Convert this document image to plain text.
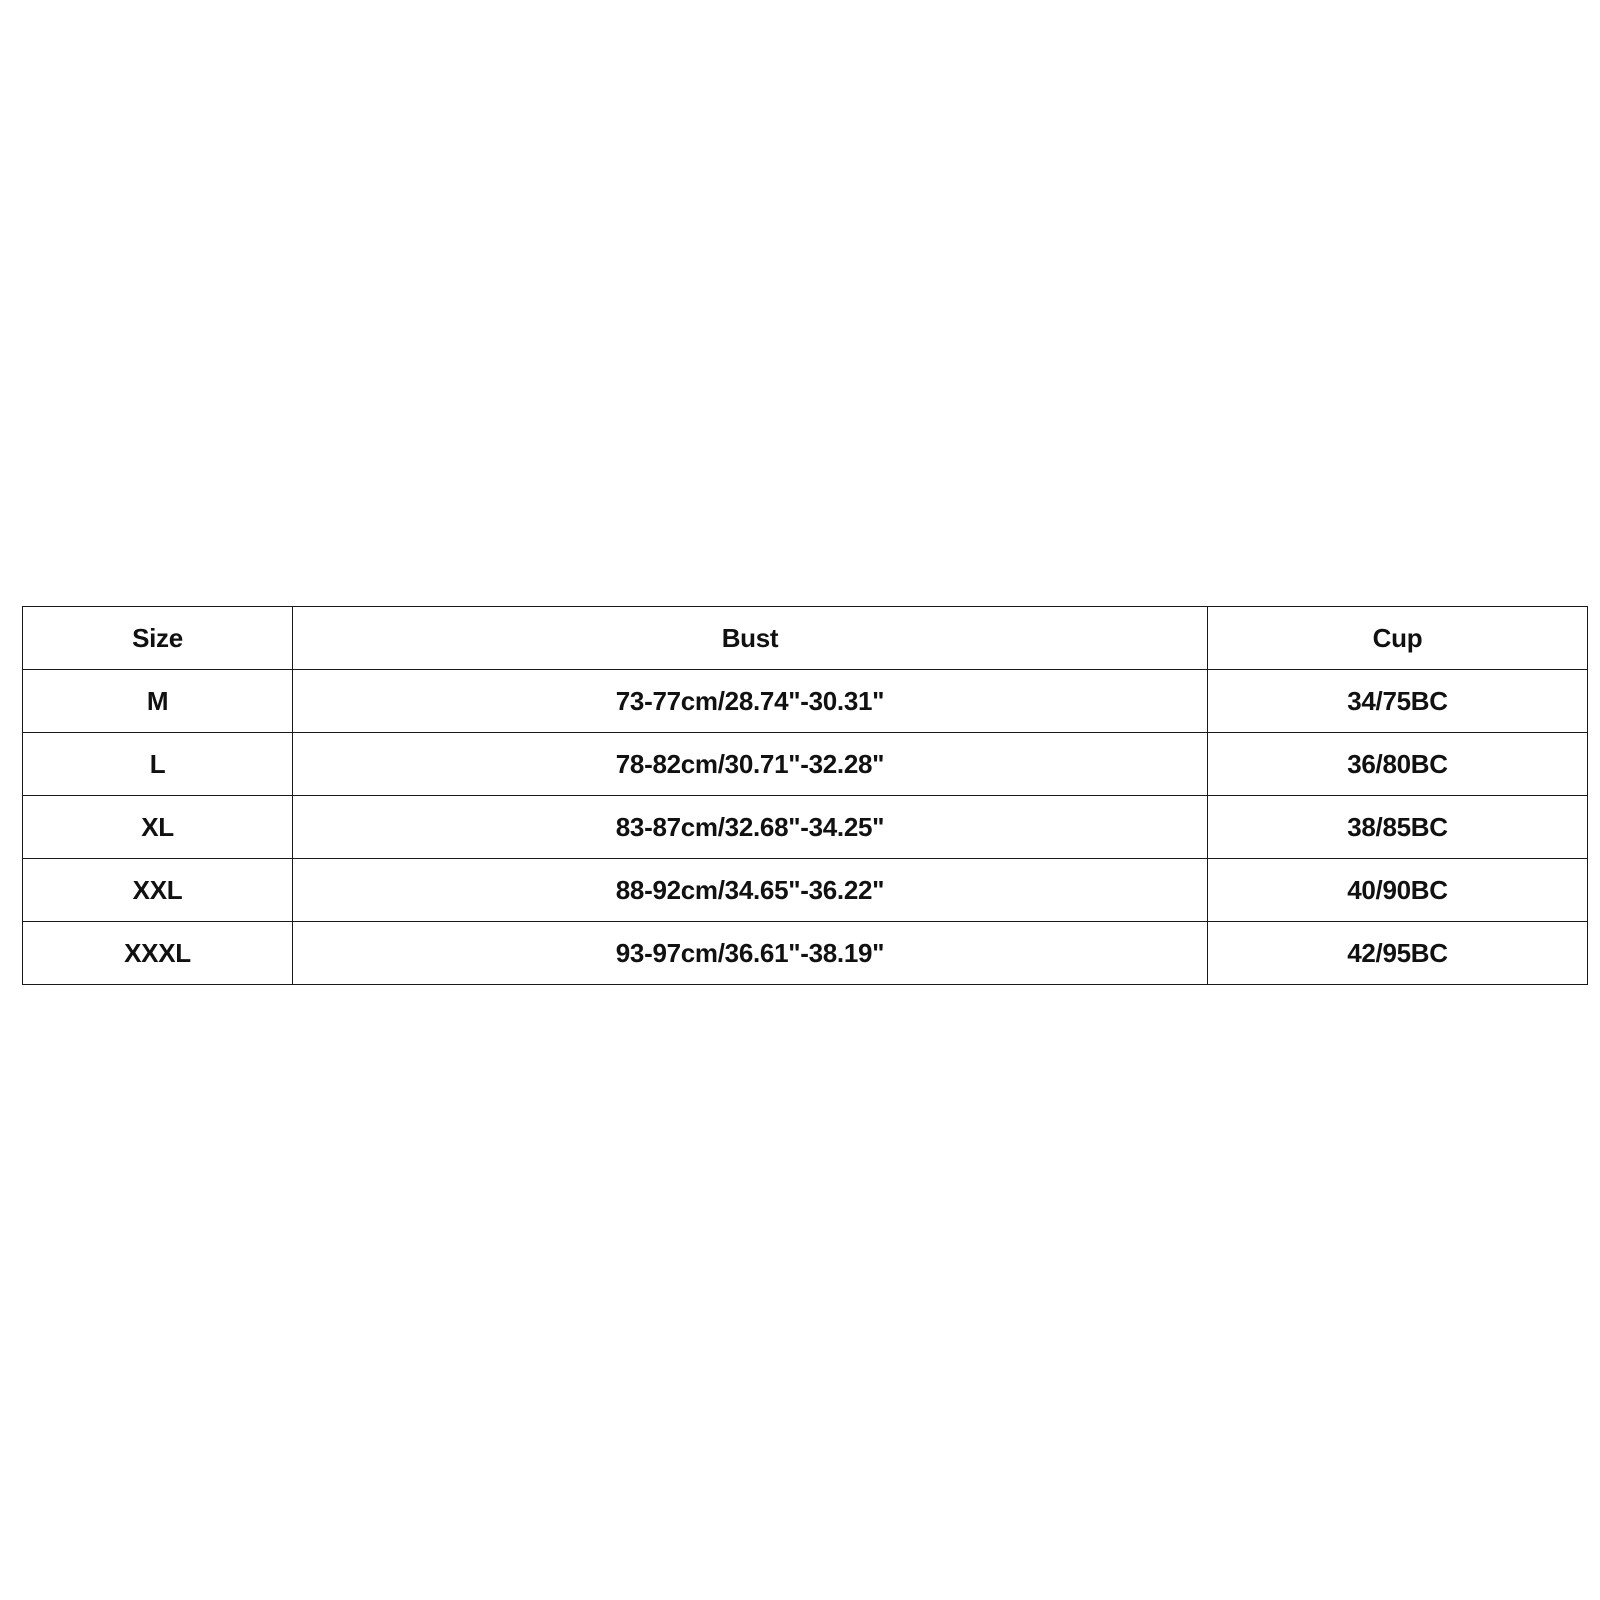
Size	Bust	Cup
M	73-77cm/28.74"-30.31"	34/75BC
L	78-82cm/30.71"-32.28"	36/80BC
XL	83-87cm/32.68"-34.25"	38/85BC
XXL	88-92cm/34.65"-36.22"	40/90BC
XXXL	93-97cm/36.61"-38.19"	42/95BC
